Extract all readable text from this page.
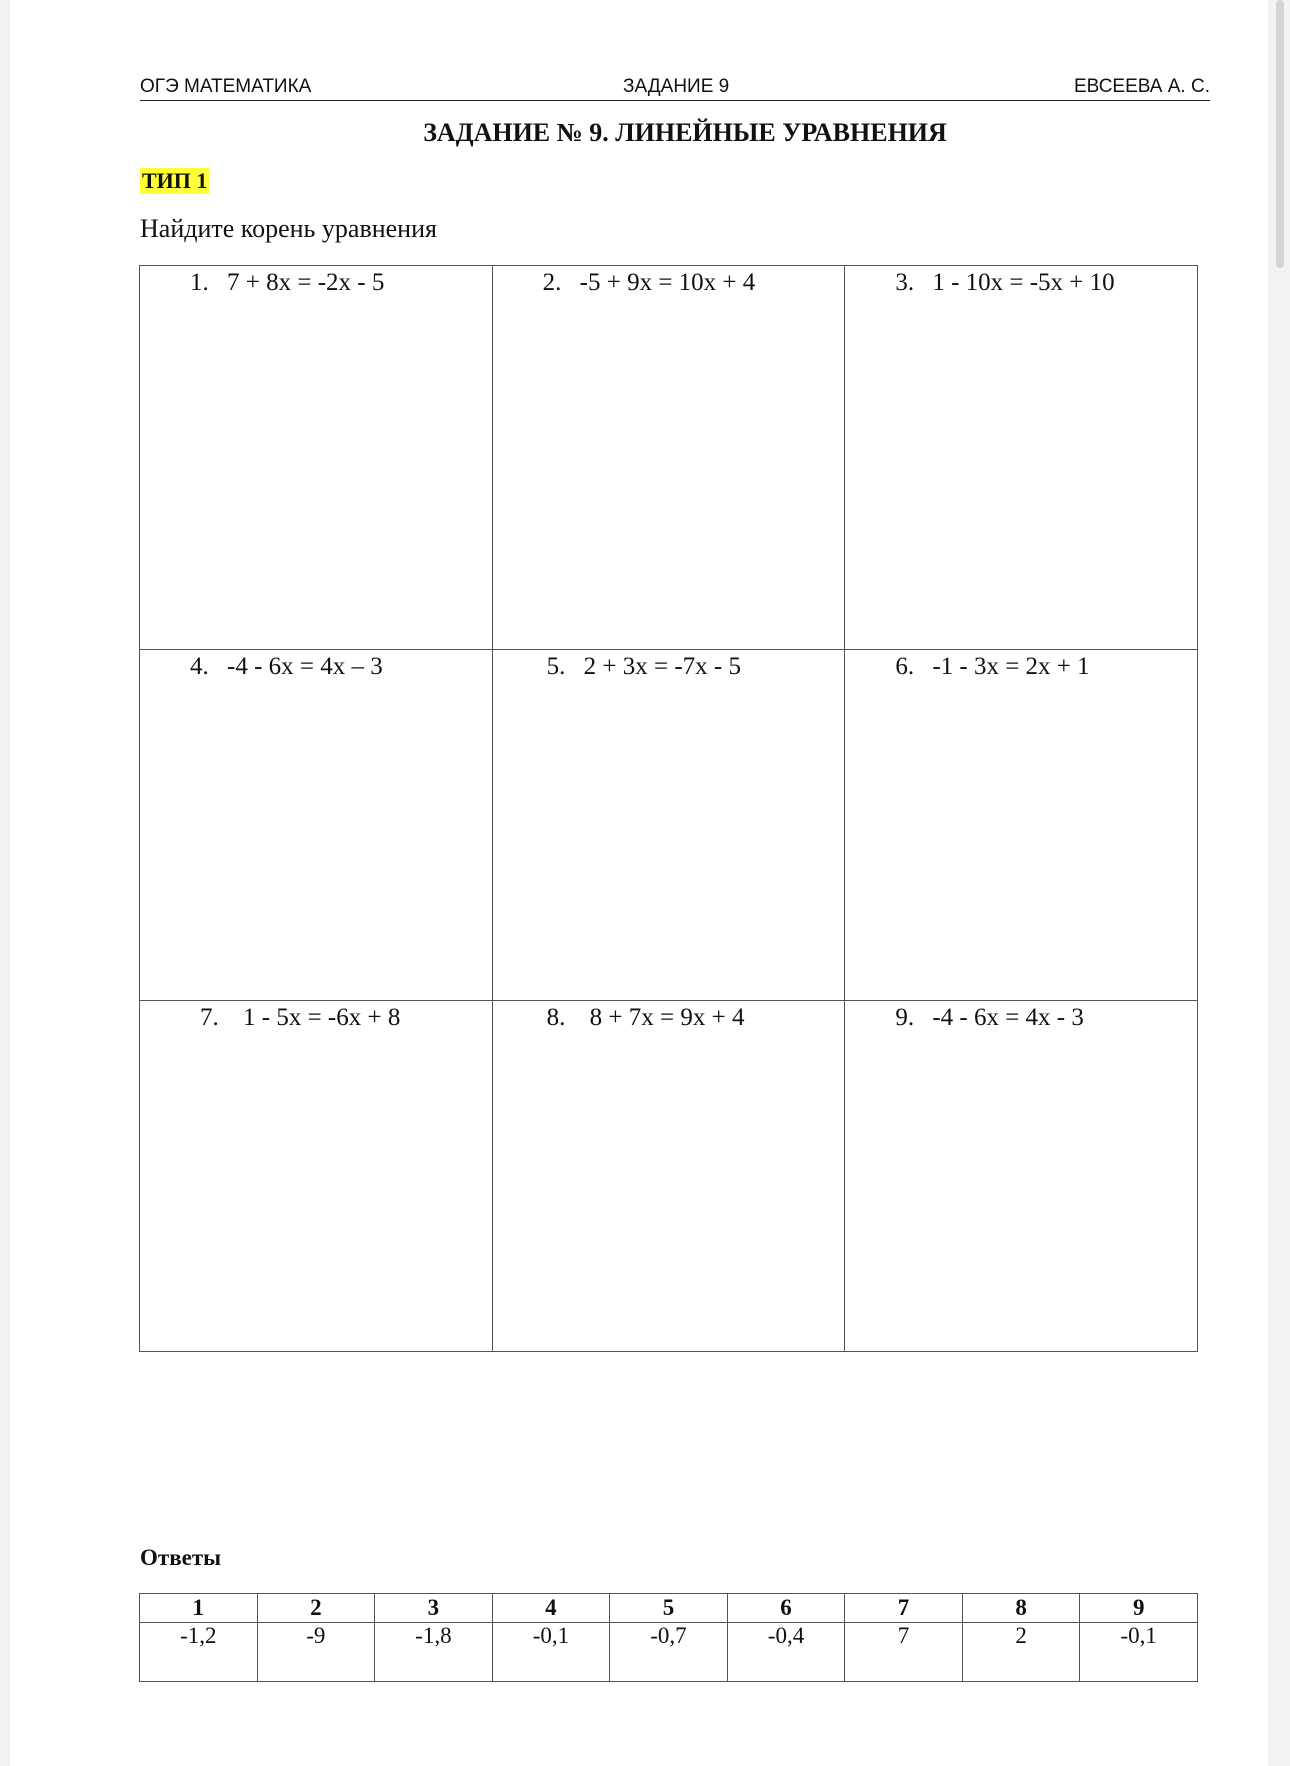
ОГЭ МАТЕМАТИКА	ЗАДАНИЕ 9	ЕВСЕЕВА А. С.
ЗАДАНИЕ № 9. ЛИНЕЙНЫЕ УРАВНЕНИЯ
ТИП 1
Найдите корень уравнения
1. 7 + 8x = -2x - 5	2. -5 + 9x = 10x + 4	3. 1 - 10x = -5x + 10

4. -4 - 6x = 4x – 3	5. 2 + 3x = -7x - 5	6. -1 - 3x = 2x + 1

7. 1 - 5x = -6x + 8	8. 8 + 7x = 9x + 4	9. -4 - 6x = 4x - 3
Ответы
1	2	3	4	5	6	7	8	9
-1,2	-9	-1,8	-0,1	-0,7	-0,4	7	2	-0,1
